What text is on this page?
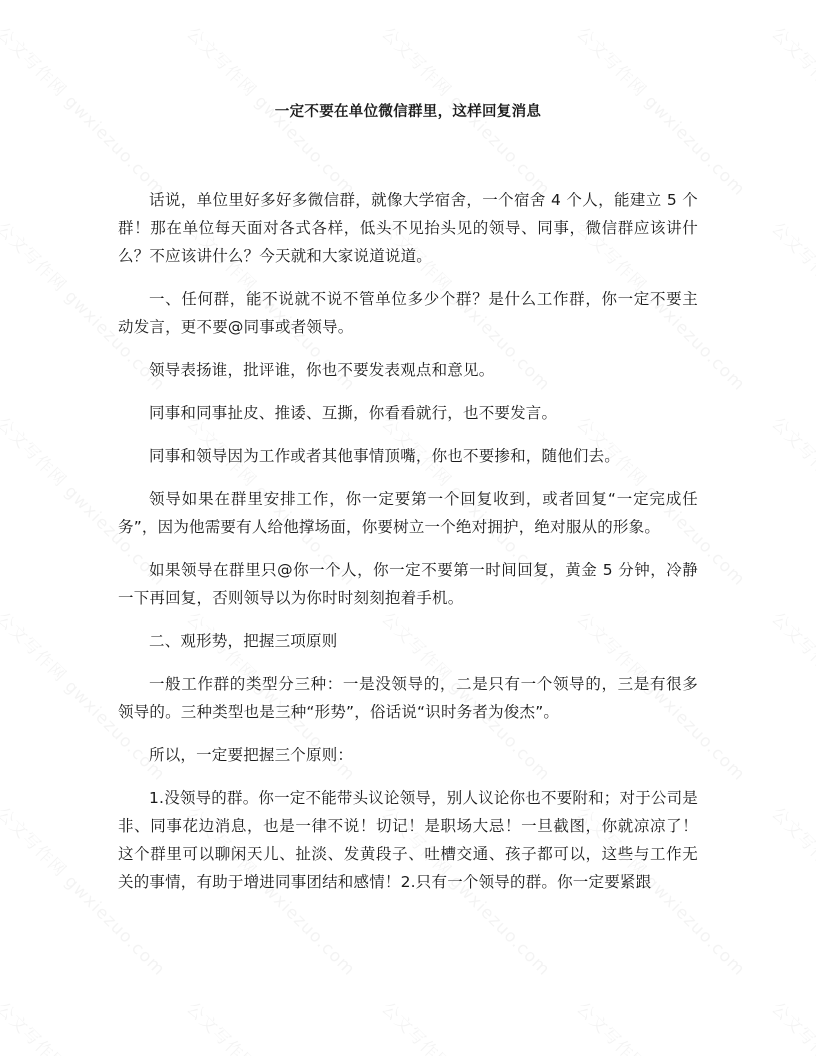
一定不要在单位微信群里，这样回复消息

话说，单位里好多好多微信群，就像大学宿舍，一个宿舍 4 个人，能建立 5 个群！那在单位每天面对各式各样，低头不见抬头见的领导、同事，微信群应该讲什么？不应该讲什么？今天就和大家说道说道。

一、任何群，能不说就不说不管单位多少个群？是什么工作群，你一定不要主动发言，更不要@同事或者领导。

领导表扬谁，批评谁，你也不要发表观点和意见。

同事和同事扯皮、推诿、互撕，你看看就行，也不要发言。

同事和领导因为工作或者其他事情顶嘴，你也不要掺和，随他们去。

领导如果在群里安排工作，你一定要第一个回复收到，或者回复“一定完成任务”，因为他需要有人给他撑场面，你要树立一个绝对拥护，绝对服从的形象。

如果领导在群里只@你一个人，你一定不要第一时间回复，黄金 5 分钟，冷静一下再回复，否则领导以为你时时刻刻抱着手机。

二、观形势，把握三项原则

一般工作群的类型分三种：一是没领导的，二是只有一个领导的，三是有很多领导的。三种类型也是三种“形势”，俗话说“识时务者为俊杰”。

所以，一定要把握三个原则：

1.没领导的群。你一定不能带头议论领导，别人议论你也不要附和；对于公司是非、同事花边消息，也是一律不说！切记！是职场大忌！一旦截图，你就凉凉了！这个群里可以聊闲天儿、扯淡、发黄段子、吐槽交通、孩子都可以，这些与工作无关的事情，有助于增进同事团结和感情！2.只有一个领导的群。你一定要紧跟
